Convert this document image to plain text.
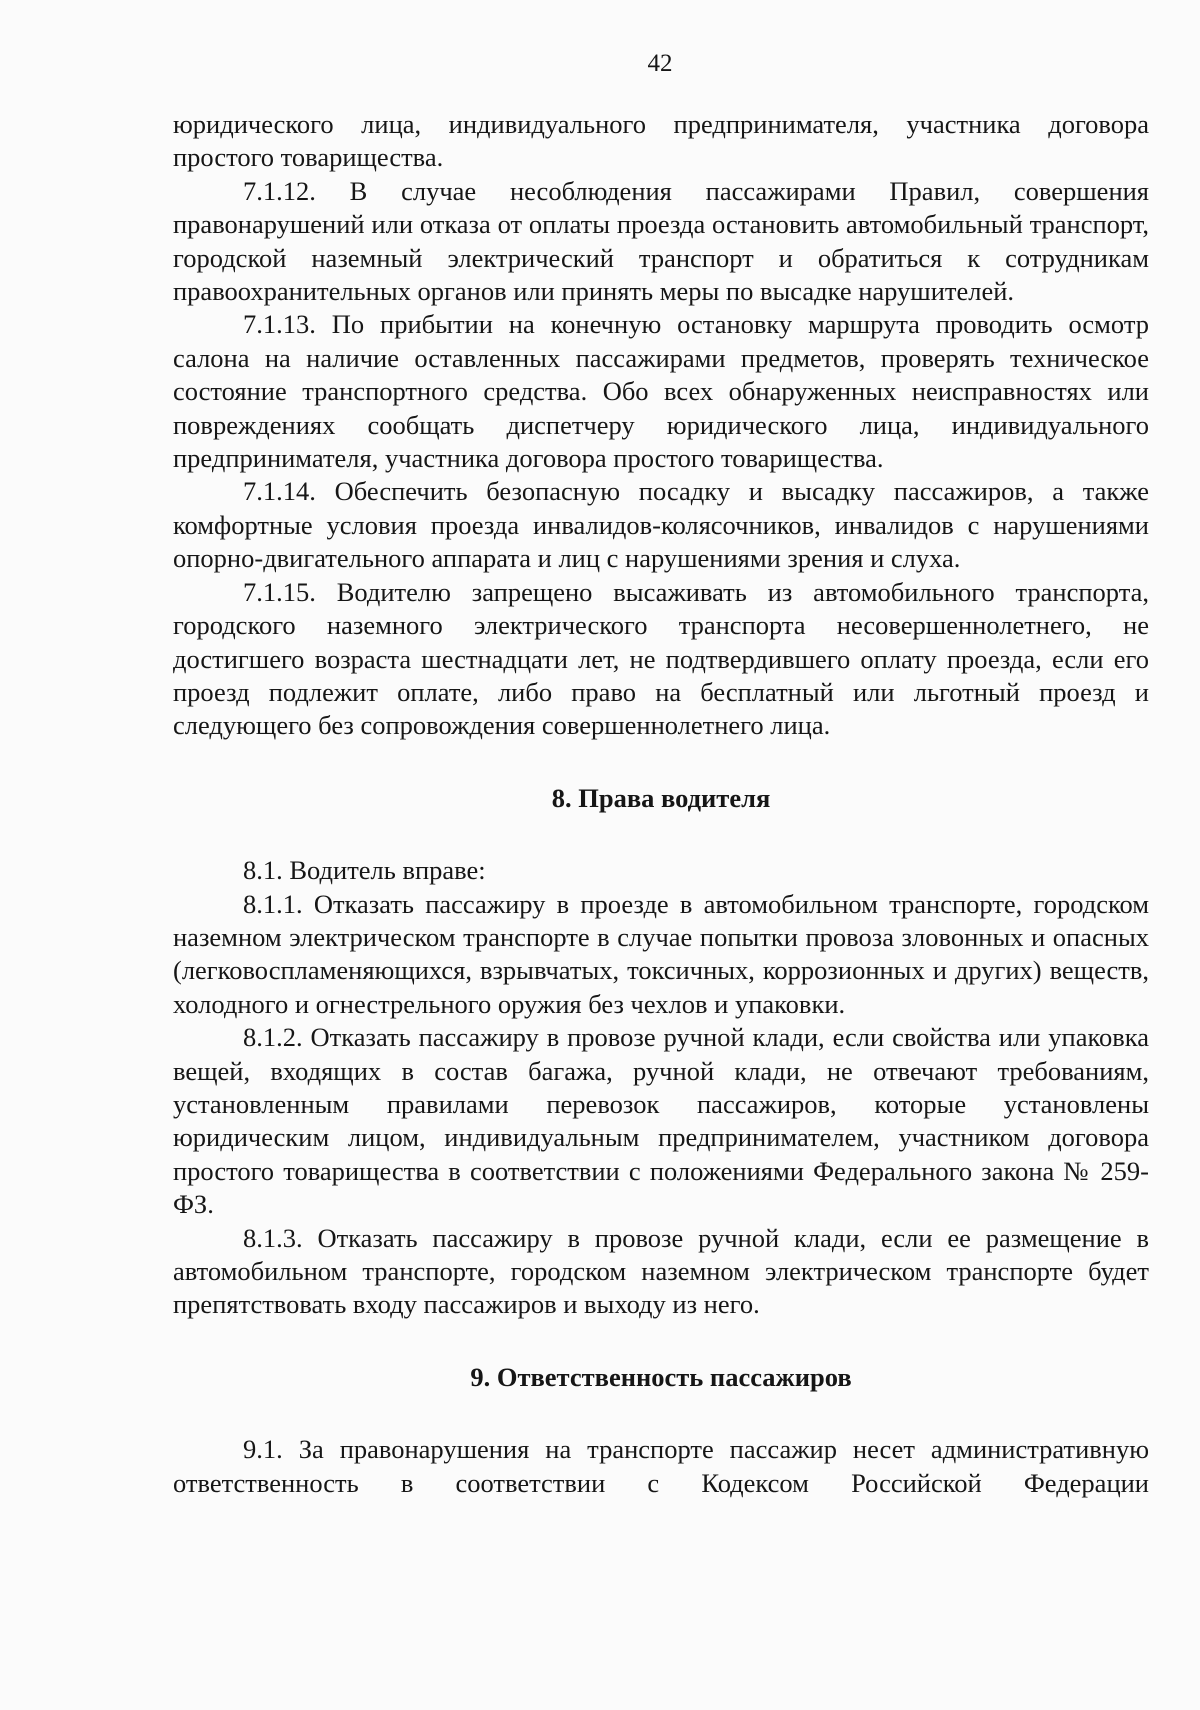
42

юридического лица, индивидуального предпринимателя, участника договора простого товарищества.

7.1.12. В случае несоблюдения пассажирами Правил, совершения правонарушений или отказа от оплаты проезда остановить автомобильный транспорт, городской наземный электрический транспорт и обратиться к сотрудникам правоохранительных органов или принять меры по высадке нарушителей.

7.1.13. По прибытии на конечную остановку маршрута проводить осмотр салона на наличие оставленных пассажирами предметов, проверять техническое состояние транспортного средства. Обо всех обнаруженных неисправностях или повреждениях сообщать диспетчеру юридического лица, индивидуального предпринимателя, участника договора простого товарищества.

7.1.14. Обеспечить безопасную посадку и высадку пассажиров, а также комфортные условия проезда инвалидов-колясочников, инвалидов с нарушениями опорно-двигательного аппарата и лиц с нарушениями зрения и слуха.

7.1.15. Водителю запрещено высаживать из автомобильного транспорта, городского наземного электрического транспорта несовершеннолетнего, не достигшего возраста шестнадцати лет, не подтвердившего оплату проезда, если его проезд подлежит оплате, либо право на бесплатный или льготный проезд и следующего без сопровождения совершеннолетнего лица.

8. Права водителя

8.1. Водитель вправе:

8.1.1. Отказать пассажиру в проезде в автомобильном транспорте, городском наземном электрическом транспорте в случае попытки провоза зловонных и опасных (легковоспламеняющихся, взрывчатых, токсичных, коррозионных и других) веществ, холодного и огнестрельного оружия без чехлов и упаковки.

8.1.2. Отказать пассажиру в провозе ручной клади, если свойства или упаковка вещей, входящих в состав багажа, ручной клади, не отвечают требованиям, установленным правилами перевозок пассажиров, которые установлены юридическим лицом, индивидуальным предпринимателем, участником договора простого товарищества в соответствии с положениями Федерального закона № 259-ФЗ.

8.1.3. Отказать пассажиру в провозе ручной клади, если ее размещение в автомобильном транспорте, городском наземном электрическом транспорте будет препятствовать входу пассажиров и выходу из него.

9. Ответственность пассажиров

9.1. За правонарушения на транспорте пассажир несет административную ответственность в соответствии с Кодексом Российской Федерации
